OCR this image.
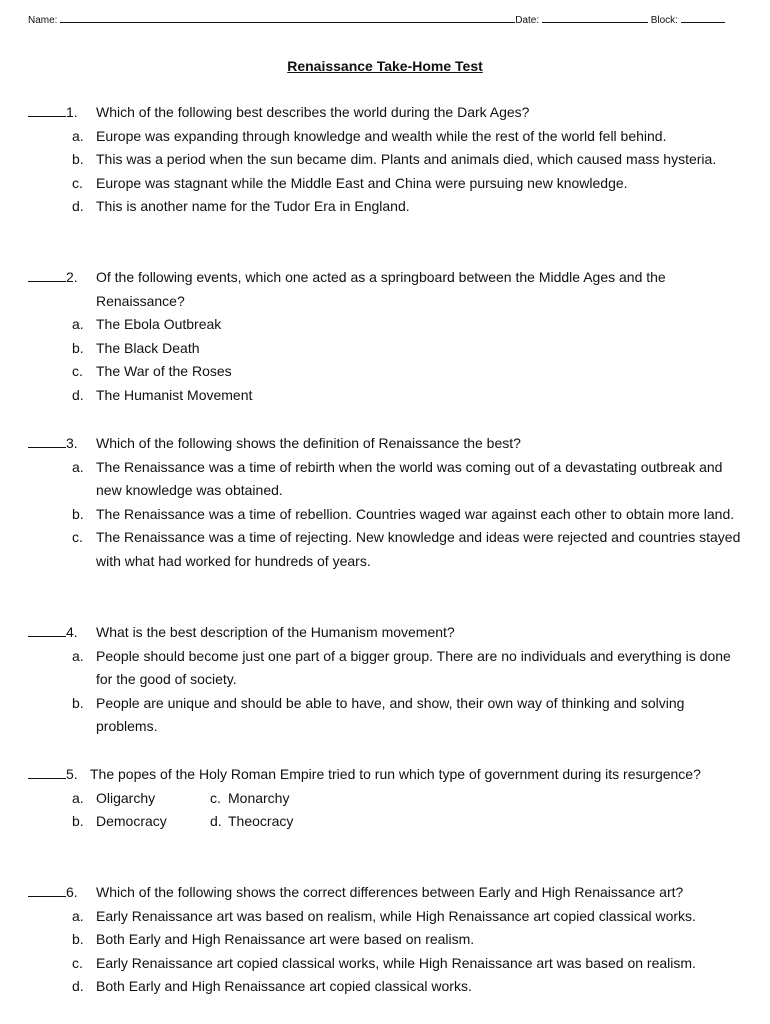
Name:	Date:	Block:
Renaissance Take-Home Test
1.	Which of the following best describes the world during the Dark Ages?
a. Europe was expanding through knowledge and wealth while the rest of the world fell behind.
b. This was a period when the sun became dim. Plants and animals died, which caused mass hysteria.
c. Europe was stagnant while the Middle East and China were pursuing new knowledge.
d. This is another name for the Tudor Era in England.
2.	Of the following events, which one acted as a springboard between the Middle Ages and the Renaissance?
a. The Ebola Outbreak
b. The Black Death
c. The War of the Roses
d. The Humanist Movement
3.	Which of the following shows the definition of Renaissance the best?
a. The Renaissance was a time of rebirth when the world was coming out of a devastating outbreak and new knowledge was obtained.
b. The Renaissance was a time of rebellion. Countries waged war against each other to obtain more land.
c. The Renaissance was a time of rejecting. New knowledge and ideas were rejected and countries stayed with what had worked for hundreds of years.
4.	What is the best description of the Humanism movement?
a. People should become just one part of a bigger group. There are no individuals and everything is done for the good of society.
b. People are unique and should be able to have, and show, their own way of thinking and solving problems.
5. The popes of the Holy Roman Empire tried to run which type of government during its resurgence?
a. Oligarchy	c. Monarchy
b. Democracy	d. Theocracy
6.	Which of the following shows the correct differences between Early and High Renaissance art?
a. Early Renaissance art was based on realism, while High Renaissance art copied classical works.
b. Both Early and High Renaissance art were based on realism.
c. Early Renaissance art copied classical works, while High Renaissance art was based on realism.
d. Both Early and High Renaissance art copied classical works.
